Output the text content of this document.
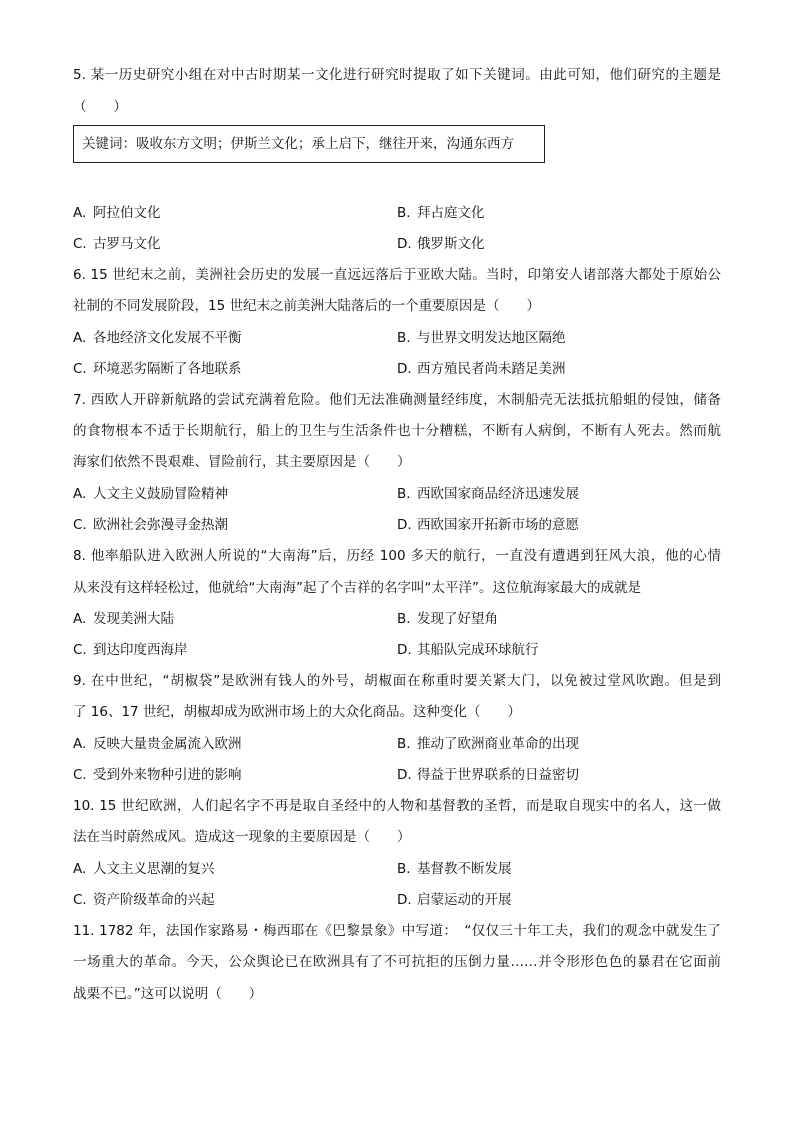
5. 某一历史研究小组在对中古时期某一文化进行研究时提取了如下关键词。由此可知，他们研究的主题是
（　　）
关键词：吸收东方文明；伊斯兰文化；承上启下，继往开来，沟通东西方
A. 阿拉伯文化	B. 拜占庭文化
C. 古罗马文化	D. 俄罗斯文化
6. 15 世纪末之前，美洲社会历史的发展一直远远落后于亚欧大陆。当时，印第安人诸部落大都处于原始公
社制的不同发展阶段，15 世纪末之前美洲大陆落后的一个重要原因是（　　）
A. 各地经济文化发展不平衡	B. 与世界文明发达地区隔绝
C. 环境恶劣隔断了各地联系	D. 西方殖民者尚未踏足美洲
7. 西欧人开辟新航路的尝试充满着危险。他们无法准确测量经纬度，木制船壳无法抵抗船蛆的侵蚀，储备
的食物根本不适于长期航行，船上的卫生与生活条件也十分糟糕，不断有人病倒，不断有人死去。然而航
海家们依然不畏艰难、冒险前行，其主要原因是（　　）
A. 人文主义鼓励冒险精神	B. 西欧国家商品经济迅速发展
C. 欧洲社会弥漫寻金热潮	D. 西欧国家开拓新市场的意愿
8. 他率船队进入欧洲人所说的“大南海”后，历经 100 多天的航行，一直没有遭遇到狂风大浪，他的心情
从来没有这样轻松过，他就给“大南海”起了个吉祥的名字叫“太平洋”。这位航海家最大的成就是
A. 发现美洲大陆	B. 发现了好望角
C. 到达印度西海岸	D. 其船队完成环球航行
9. 在中世纪，“胡椒袋”是欧洲有钱人的外号，胡椒面在称重时要关紧大门，以免被过堂风吹跑。但是到
了 16、17 世纪，胡椒却成为欧洲市场上的大众化商品。这种变化（　　）
A. 反映大量贵金属流入欧洲	B. 推动了欧洲商业革命的出现
C. 受到外来物种引进的影响	D. 得益于世界联系的日益密切
10. 15 世纪欧洲，人们起名字不再是取自圣经中的人物和基督教的圣哲，而是取自现实中的名人，这一做
法在当时蔚然成风。造成这一现象的主要原因是（　　）
A. 人文主义思潮的复兴	B. 基督教不断发展
C. 资产阶级革命的兴起	D. 启蒙运动的开展
11. 1782 年，法国作家路易・梅西耶在《巴黎景象》中写道：　“仅仅三十年工夫，我们的观念中就发生了
一场重大的革命。今天，公众舆论已在欧洲具有了不可抗拒的压倒力量……并令形形色色的暴君在它面前
战栗不已。”这可以说明（　　）
